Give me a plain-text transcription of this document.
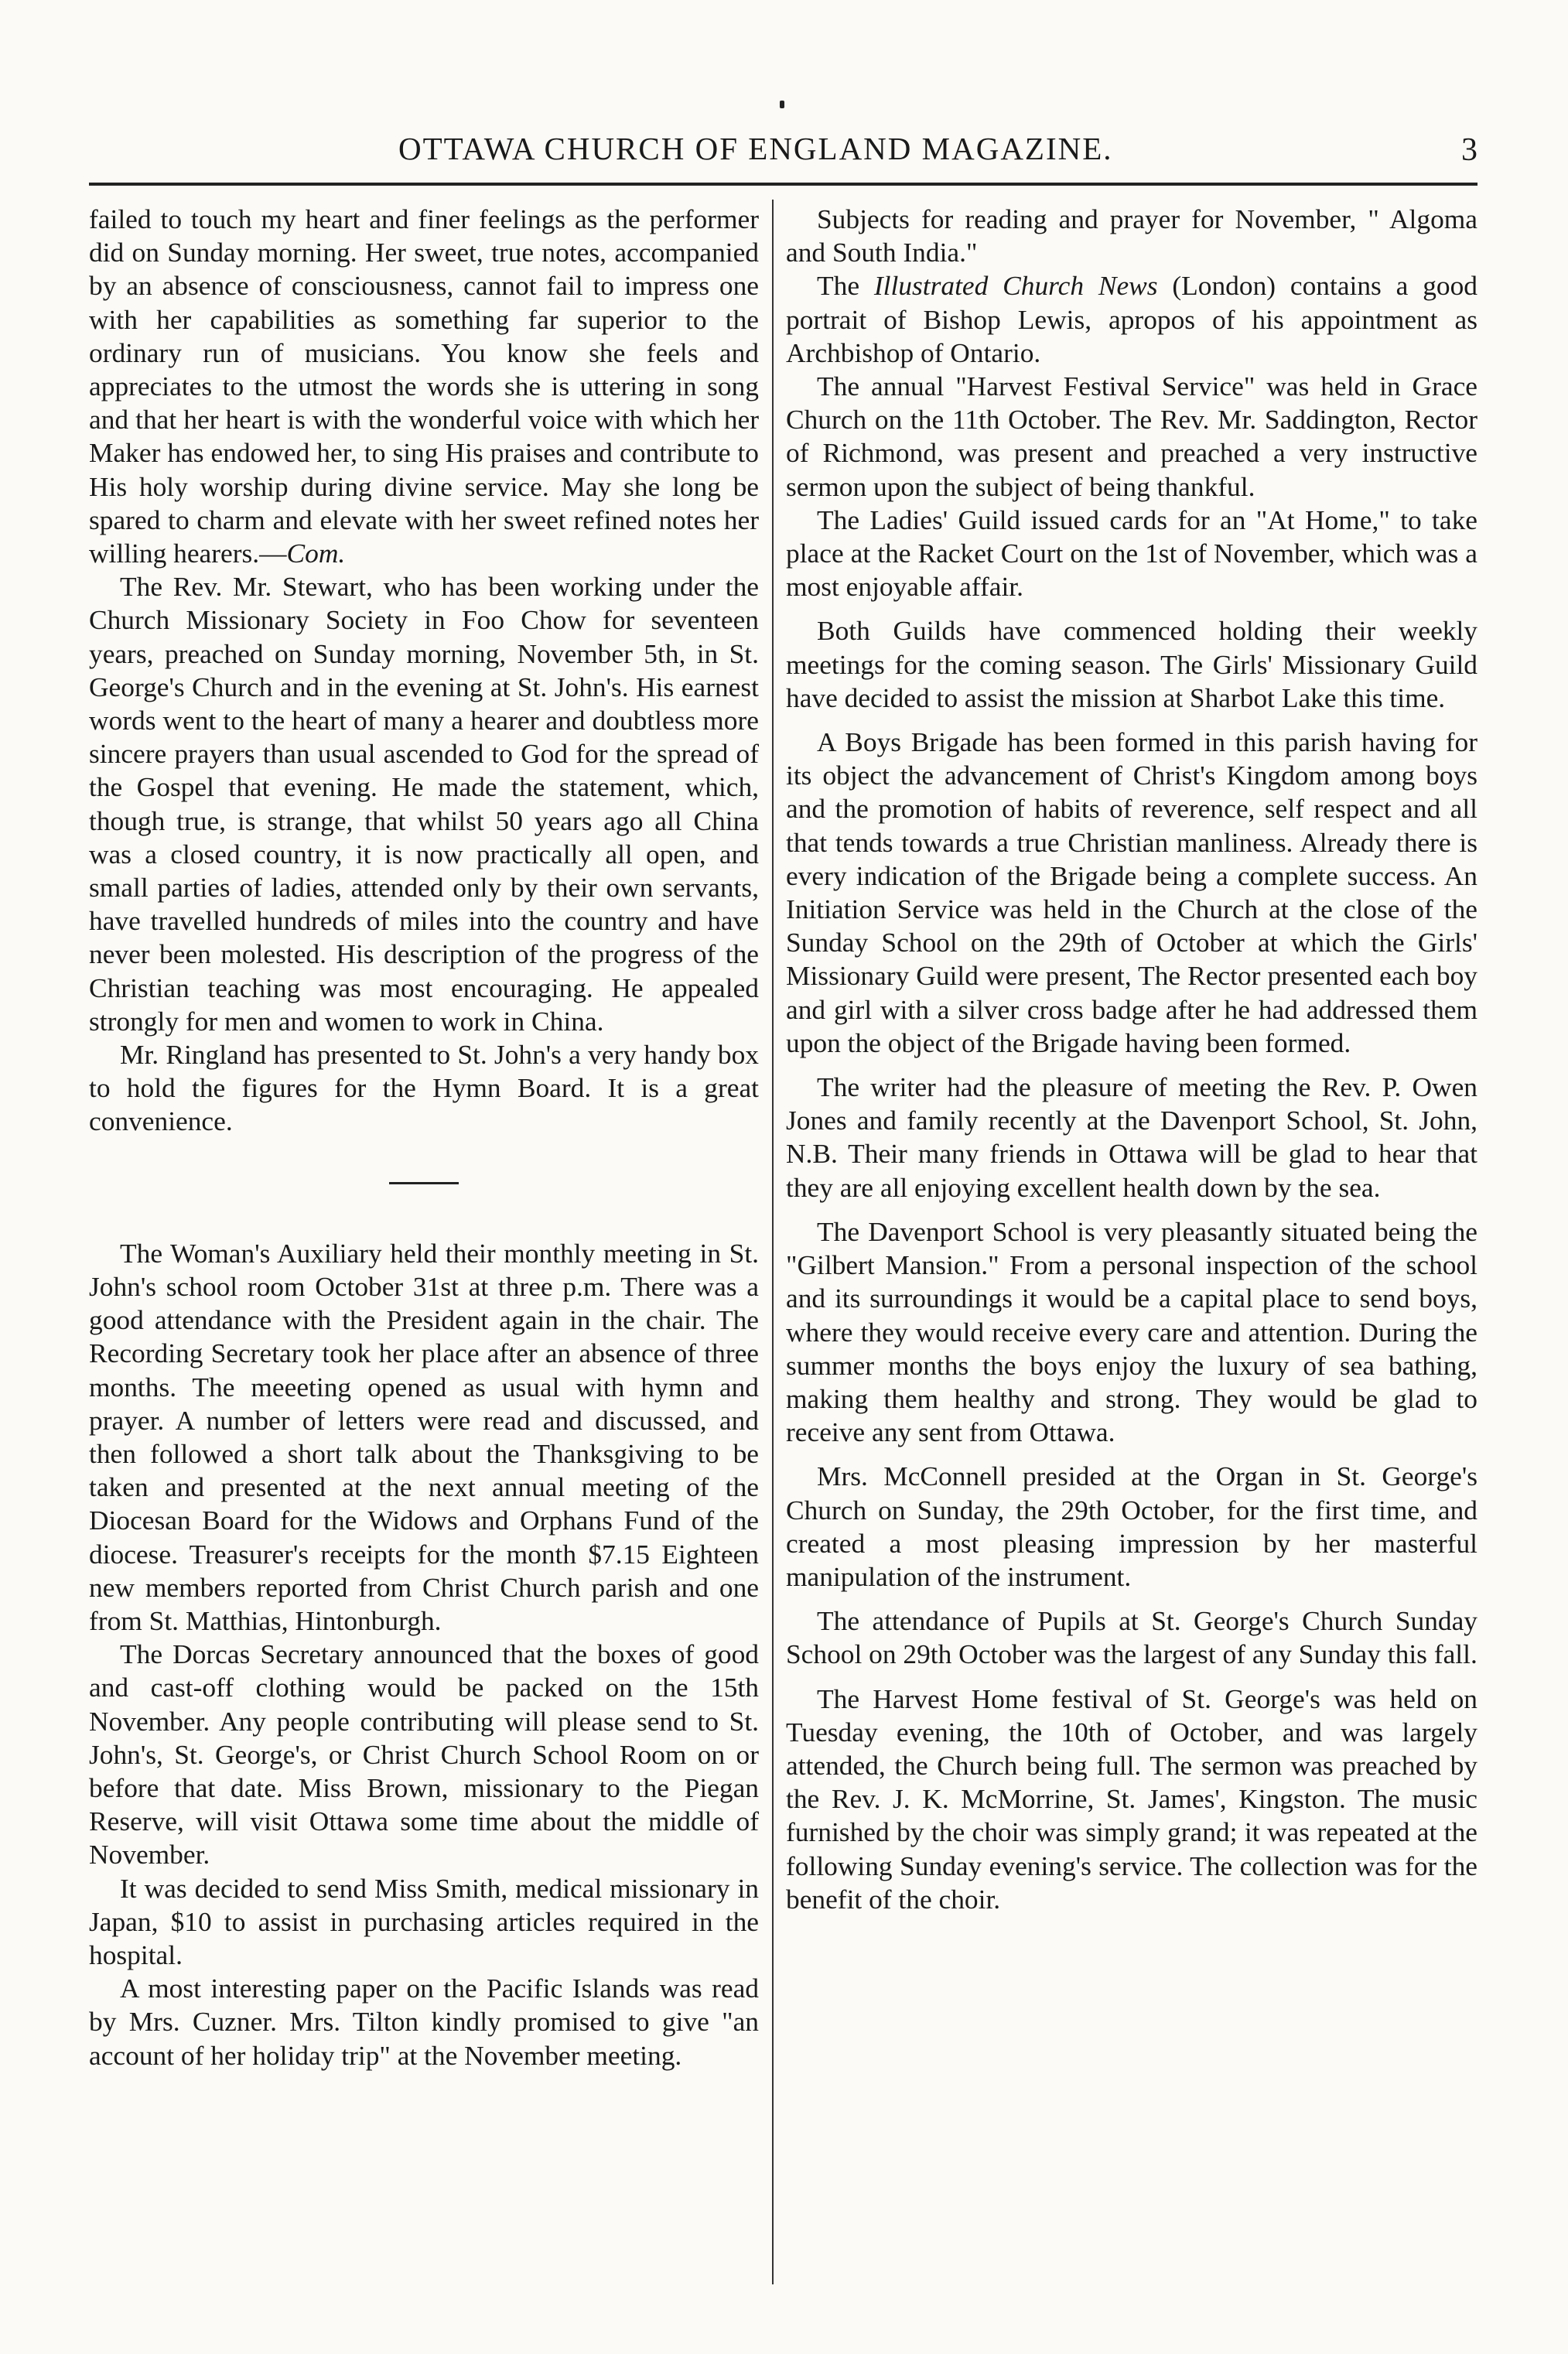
OTTAWA CHURCH OF ENGLAND MAGAZINE.	3

failed to touch my heart and finer feelings as the performer did on Sunday morning. Her sweet, true notes, accompanied by an absence of consciousness, cannot fail to impress one with her capabilities as something far superior to the ordinary run of musicians. You know she feels and appreciates to the utmost the words she is uttering in song and that her heart is with the wonderful voice with which her Maker has endowed her, to sing His praises and contribute to His holy worship during divine service. May she long be spared to charm and elevate with her sweet refined notes her willing hearers.—Com.

The Rev. Mr. Stewart, who has been working under the Church Missionary Society in Foo Chow for seventeen years, preached on Sunday morning, November 5th, in St. George's Church and in the evening at St. John's. His earnest words went to the heart of many a hearer and doubtless more sincere prayers than usual ascended to God for the spread of the Gospel that evening. He made the statement, which, though true, is strange, that whilst 50 years ago all China was a closed country, it is now practically all open, and small parties of ladies, attended only by their own servants, have travelled hundreds of miles into the country and have never been molested. His description of the progress of the Christian teaching was most encouraging. He appealed strongly for men and women to work in China.

Mr. Ringland has presented to St. John's a very handy box to hold the figures for the Hymn Board. It is a great convenience.

The Woman's Auxiliary held their monthly meeting in St. John's school room October 31st at three p.m. There was a good attendance with the President again in the chair. The Recording Secretary took her place after an absence of three months. The meeeting opened as usual with hymn and prayer. A number of letters were read and discussed, and then followed a short talk about the Thanksgiving to be taken and presented at the next annual meeting of the Diocesan Board for the Widows and Orphans Fund of the diocese. Treasurer's receipts for the month $7.15 Eighteen new members reported from Christ Church parish and one from St. Matthias, Hintonburgh.

The Dorcas Secretary announced that the boxes of good and cast-off clothing would be packed on the 15th November. Any people contributing will please send to St. John's, St. George's, or Christ Church School Room on or before that date. Miss Brown, missionary to the Piegan Reserve, will visit Ottawa some time about the middle of November.

It was decided to send Miss Smith, medical missionary in Japan, $10 to assist in purchasing articles required in the hospital.

A most interesting paper on the Pacific Islands was read by Mrs. Cuzner. Mrs. Tilton kindly promised to give "an account of her holiday trip" at the November meeting.

Subjects for reading and prayer for November, " Algoma and South India."

The Illustrated Church News (London) contains a good portrait of Bishop Lewis, apropos of his appointment as Archbishop of Ontario.

The annual "Harvest Festival Service" was held in Grace Church on the 11th October. The Rev. Mr. Saddington, Rector of Richmond, was present and preached a very instructive sermon upon the subject of being thankful.

The Ladies' Guild issued cards for an "At Home," to take place at the Racket Court on the 1st of November, which was a most enjoyable affair.

Both Guilds have commenced holding their weekly meetings for the coming season. The Girls' Missionary Guild have decided to assist the mission at Sharbot Lake this time.

A Boys Brigade has been formed in this parish having for its object the advancement of Christ's Kingdom among boys and the promotion of habits of reverence, self respect and all that tends towards a true Christian manliness. Already there is every indication of the Brigade being a complete success. An Initiation Service was held in the Church at the close of the Sunday School on the 29th of October at which the Girls' Missionary Guild were present, The Rector presented each boy and girl with a silver cross badge after he had addressed them upon the object of the Brigade having been formed.

The writer had the pleasure of meeting the Rev. P. Owen Jones and family recently at the Davenport School, St. John, N.B. Their many friends in Ottawa will be glad to hear that they are all enjoying excellent health down by the sea.

The Davenport School is very pleasantly situated being the "Gilbert Mansion." From a personal inspection of the school and its surroundings it would be a capital place to send boys, where they would receive every care and attention. During the summer months the boys enjoy the luxury of sea bathing, making them healthy and strong. They would be glad to receive any sent from Ottawa.

Mrs. McConnell presided at the Organ in St. George's Church on Sunday, the 29th October, for the first time, and created a most pleasing impression by her masterful manipulation of the instrument.

The attendance of Pupils at St. George's Church Sunday School on 29th October was the largest of any Sunday this fall.

The Harvest Home festival of St. George's was held on Tuesday evening, the 10th of October, and was largely attended, the Church being full. The sermon was preached by the Rev. J. K. McMorrine, St. James', Kingston. The music furnished by the choir was simply grand; it was repeated at the following Sunday evening's service. The collection was for the benefit of the choir.
